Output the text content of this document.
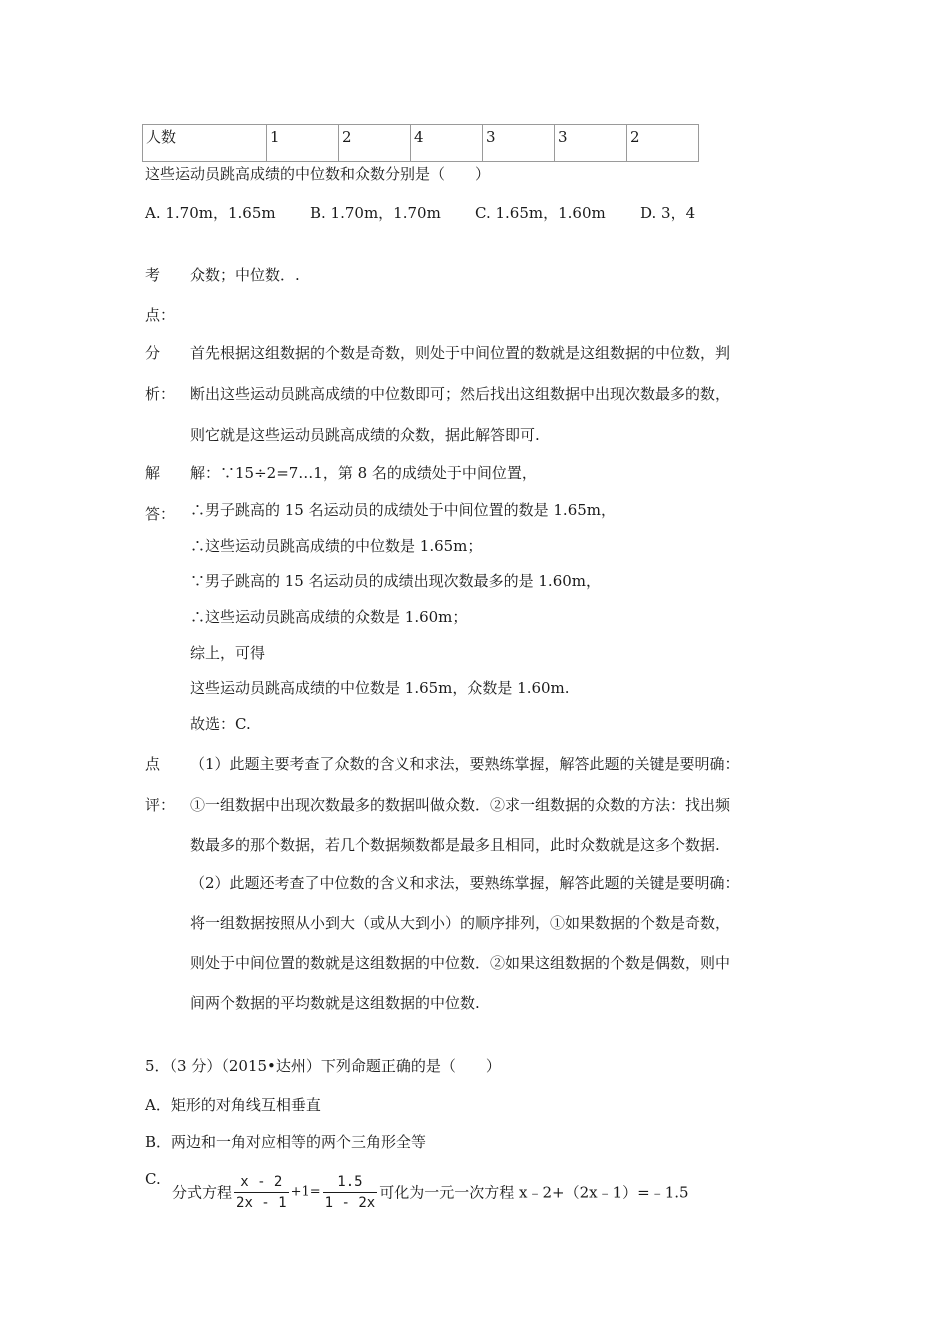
人数	1	2	4	3	3	2
这些运动员跳高成绩的中位数和众数分别是（　　）
A. 1.70m，1.65m B. 1.70m，1.70m C. 1.65m，1.60m D. 3，4
考
点：
众数；中位数．.
分
析：
首先根据这组数据的个数是奇数，则处于中间位置的数就是这组数据的中位数，判
断出这些运动员跳高成绩的中位数即可；然后找出这组数据中出现次数最多的数，
则它就是这些运动员跳高成绩的众数，据此解答即可.
解
答：
解：∵15÷2=7…1，第 8 名的成绩处于中间位置，
∴男子跳高的 15 名运动员的成绩处于中间位置的数是 1.65m，
∴这些运动员跳高成绩的中位数是 1.65m；
∵男子跳高的 15 名运动员的成绩出现次数最多的是 1.60m，
∴这些运动员跳高成绩的众数是 1.60m；
综上，可得
这些运动员跳高成绩的中位数是 1.65m，众数是 1.60m.
故选：C.
点
评：
（1）此题主要考查了众数的含义和求法，要熟练掌握，解答此题的关键是要明确：
①一组数据中出现次数最多的数据叫做众数．②求一组数据的众数的方法：找出频
数最多的那个数据，若几个数据频数都是最多且相同，此时众数就是这多个数据.
（2）此题还考查了中位数的含义和求法，要熟练掌握，解答此题的关键是要明确：
将一组数据按照从小到大（或从大到小）的顺序排列，①如果数据的个数是奇数，
则处于中间位置的数就是这组数据的中位数．②如果这组数据的个数是偶数，则中
间两个数据的平均数就是这组数据的中位数.
5．（3 分）（2015•达州）下列命题正确的是（　　）
A．矩形的对角线互相垂直
B．两边和一角对应相等的两个三角形全等
C.
分式方程 $\frac{x - 2}{2x - 1} +1= \frac{1.5}{1 - 2x}$ 可化为一元一次方程 x﹣2+（2x﹣1）=﹣1.5
